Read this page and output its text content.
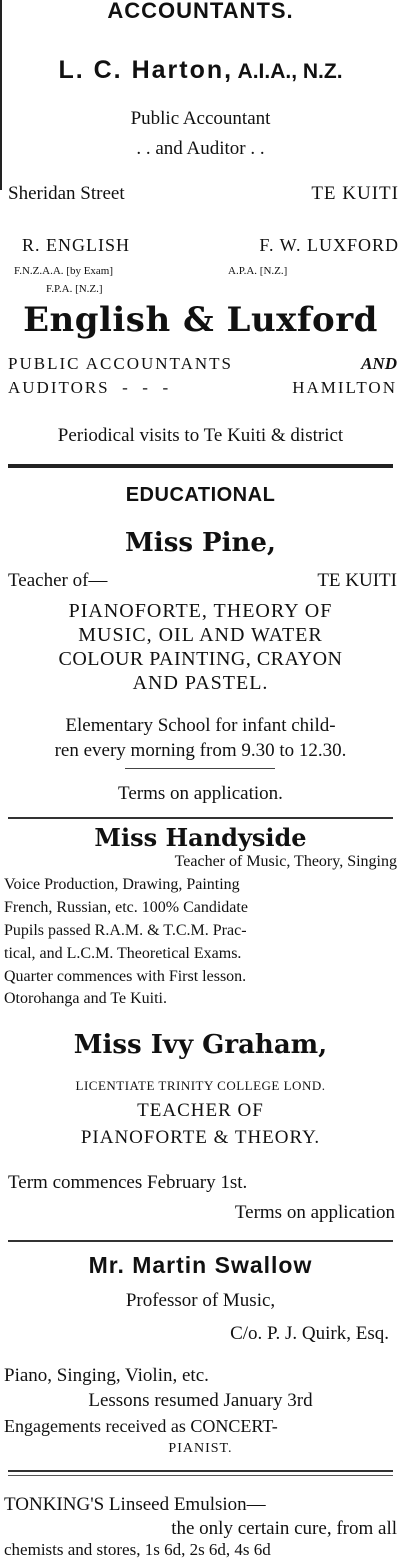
ACCOUNTANTS.
L. C. Harton, A.I.A., N.Z.
Public Accountant
. . and Auditor . .
Sheridan Street	TE KUITI
R. ENGLISH	F. W. LUXFORD
F.N.Z.A.A. [by Exam]	A.P.A. [N.Z.]
F.P.A. [N.Z.]
English & Luxford
PUBLIC ACCOUNTANTS	AND
AUDITORS  -  -  -	HAMILTON
Periodical visits to Te Kuiti & district
EDUCATIONAL
Miss Pine,
Teacher of—	TE KUITI
PIANOFORTE, THEORY OF
MUSIC, OIL AND WATER
COLOUR PAINTING, CRAYON
AND PASTEL.
Elementary School for infant child-
ren every morning from 9.30 to 12.30.
Terms on application.
Miss Handyside
Teacher of Music, Theory, Singing
Voice Production, Drawing, Painting
French, Russian, etc. 100% Candidate
Pupils passed R.A.M. & T.C.M. Prac-
tical, and L.C.M. Theoretical Exams.
Quarter commences with First lesson.
Otorohanga and Te Kuiti.
Miss Ivy Graham,
LICENTIATE TRINITY COLLEGE LOND.
TEACHER OF
PIANOFORTE & THEORY.
Term commences February 1st.
Terms on application
Mr. Martin Swallow
Professor of Music,
C/o. P. J. Quirk, Esq.
Piano, Singing, Violin, etc.
Lessons resumed January 3rd
Engagements received as CONCERT-
PIANIST.
TONKING'S Linseed Emulsion—
the only certain cure, from all
chemists and stores, 1s 6d, 2s 6d, 4s 6d
